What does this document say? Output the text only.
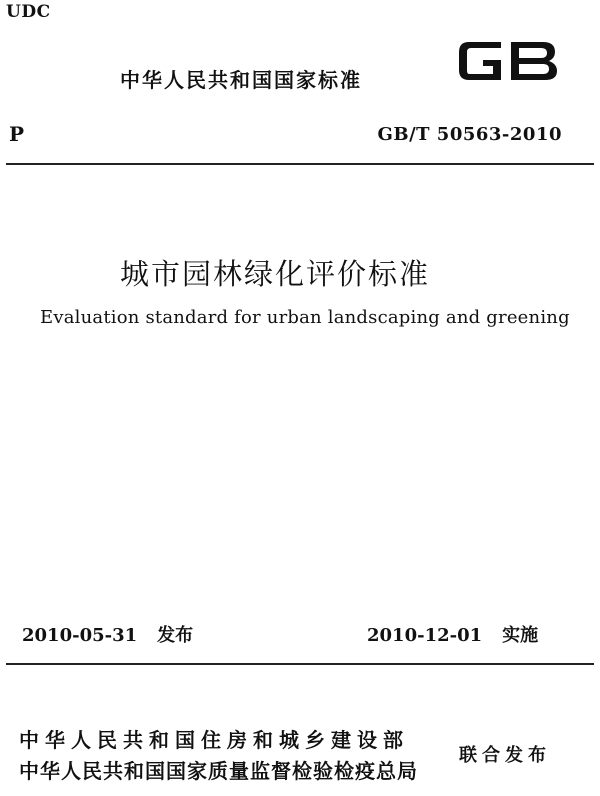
UDC
中华人民共和国国家标准
GB
P	GB/T 50563-2010
城市园林绿化评价标准
Evaluation standard for urban landscaping and greening
2010-05-31 发布	2010-12-01 实施
中华人民共和国住房和城乡建设部
中华人民共和国国家质量监督检验检疫总局
联合发布
